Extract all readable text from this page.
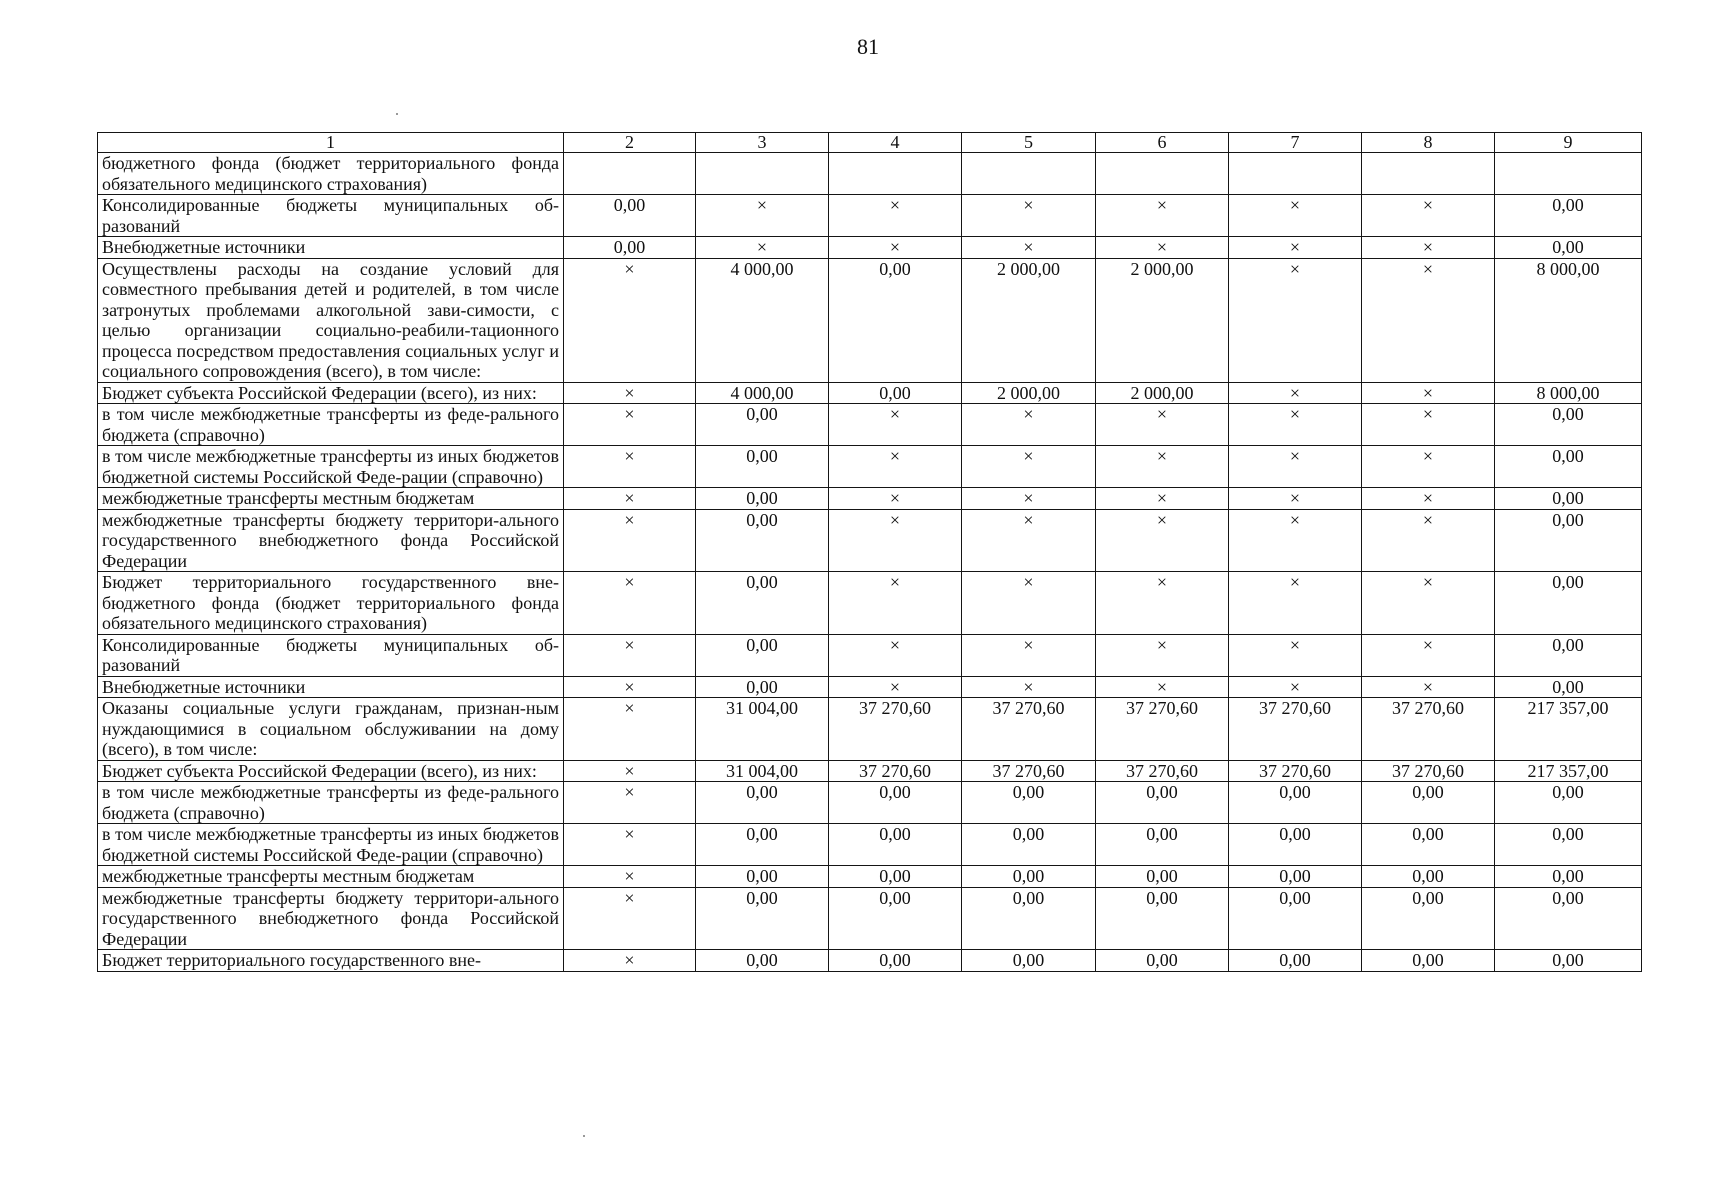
81
1	2	3	4	5	6	7	8	9
бюджетного фонда (бюджет территориального фонда обязательного медицинского страхования)								
Консолидированные бюджеты муниципальных об-разований	0,00	×	×	×	×	×	×	0,00
Внебюджетные источники	0,00	×	×	×	×	×	×	0,00
Осуществлены расходы на создание условий для совместного пребывания детей и родителей, в том числе затронутых проблемами алкогольной зави-симости, с целью организации социально-реабили-тационного процесса посредством предоставления социальных услуг и социального сопровождения (всего), в том числе:	×	4 000,00	0,00	2 000,00	2 000,00	×	×	8 000,00
Бюджет субъекта Российской Федерации (всего), из них:	×	4 000,00	0,00	2 000,00	2 000,00	×	×	8 000,00
в том числе межбюджетные трансферты из феде-рального бюджета (справочно)	×	0,00	×	×	×	×	×	0,00
в том числе межбюджетные трансферты из иных бюджетов бюджетной системы Российской Феде-рации (справочно)	×	0,00	×	×	×	×	×	0,00
межбюджетные трансферты местным бюджетам	×	0,00	×	×	×	×	×	0,00
межбюджетные трансферты бюджету территори-ального государственного внебюджетного фонда Российской Федерации	×	0,00	×	×	×	×	×	0,00
Бюджет территориального государственного вне-бюджетного фонда (бюджет территориального фонда обязательного медицинского страхования)	×	0,00	×	×	×	×	×	0,00
Консолидированные бюджеты муниципальных об-разований	×	0,00	×	×	×	×	×	0,00
Внебюджетные источники	×	0,00	×	×	×	×	×	0,00
Оказаны социальные услуги гражданам, признан-ным нуждающимися в социальном обслуживании на дому (всего), в том числе:	×	31 004,00	37 270,60	37 270,60	37 270,60	37 270,60	37 270,60	217 357,00
Бюджет субъекта Российской Федерации (всего), из них:	×	31 004,00	37 270,60	37 270,60	37 270,60	37 270,60	37 270,60	217 357,00
в том числе межбюджетные трансферты из феде-рального бюджета (справочно)	×	0,00	0,00	0,00	0,00	0,00	0,00	0,00
в том числе межбюджетные трансферты из иных бюджетов бюджетной системы Российской Феде-рации (справочно)	×	0,00	0,00	0,00	0,00	0,00	0,00	0,00
межбюджетные трансферты местным бюджетам	×	0,00	0,00	0,00	0,00	0,00	0,00	0,00
межбюджетные трансферты бюджету территори-ального государственного внебюджетного фонда Российской Федерации	×	0,00	0,00	0,00	0,00	0,00	0,00	0,00
Бюджет территориального государственного вне-	×	0,00	0,00	0,00	0,00	0,00	0,00	0,00
